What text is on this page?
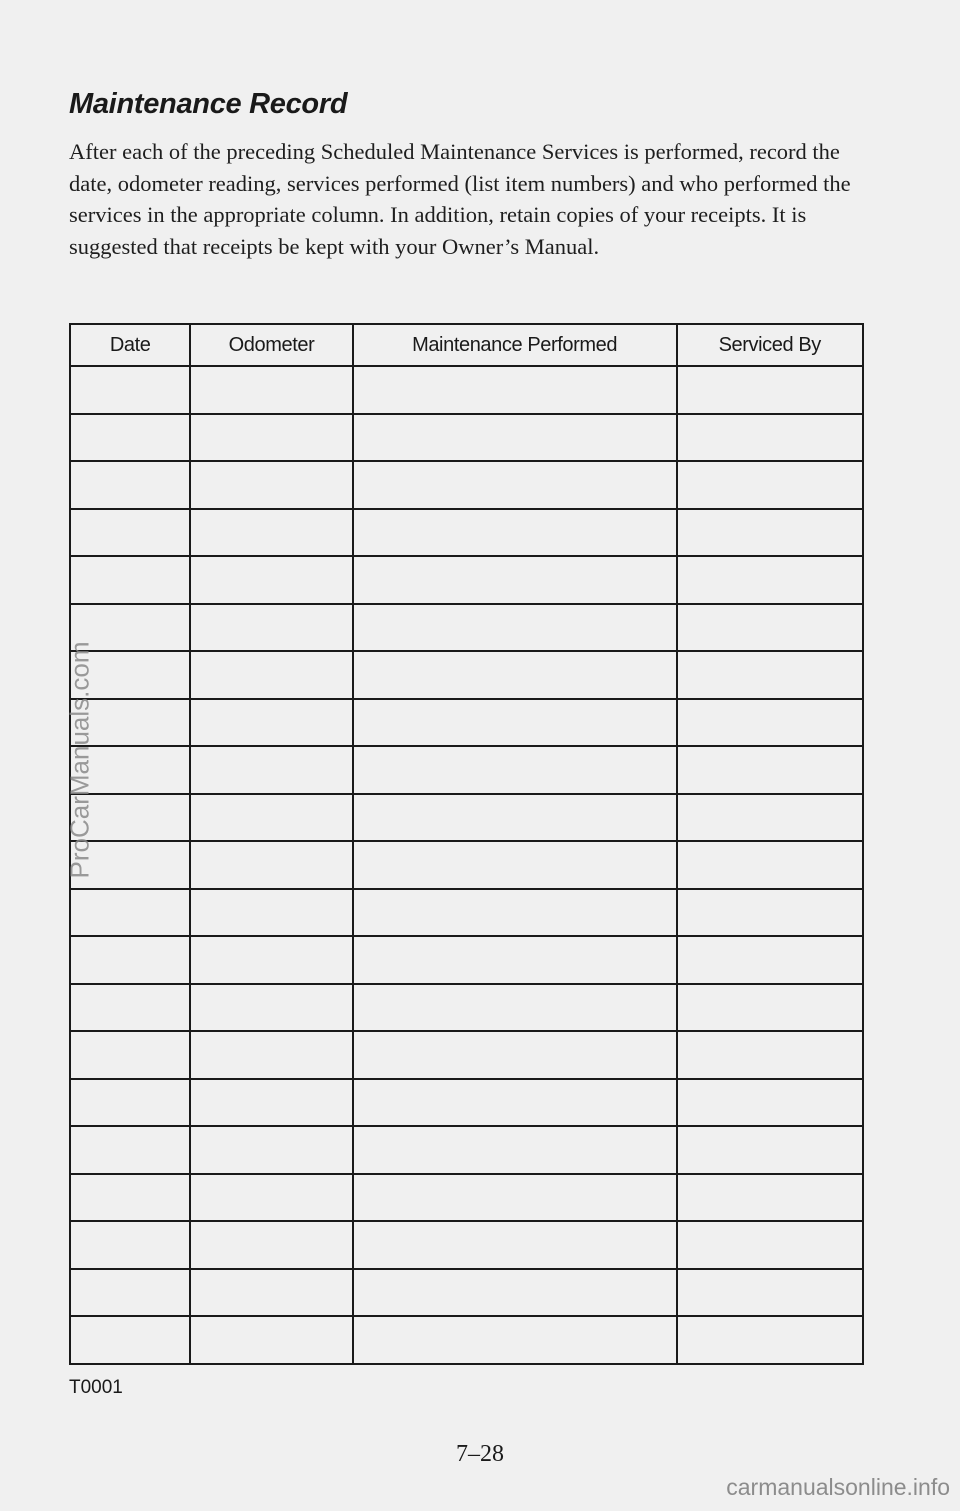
Maintenance Record

After each of the preceding Scheduled Maintenance Services is performed, record the date, odometer reading, services performed (list item numbers) and who performed the services in the appropriate column. In addition, retain copies of your receipts. It is suggested that receipts be kept with your Owner’s Manual.

Date	Odometer	Maintenance Performed	Serviced By

T0001
7–28
ProCarManuals.com
carmanualsonline.info
